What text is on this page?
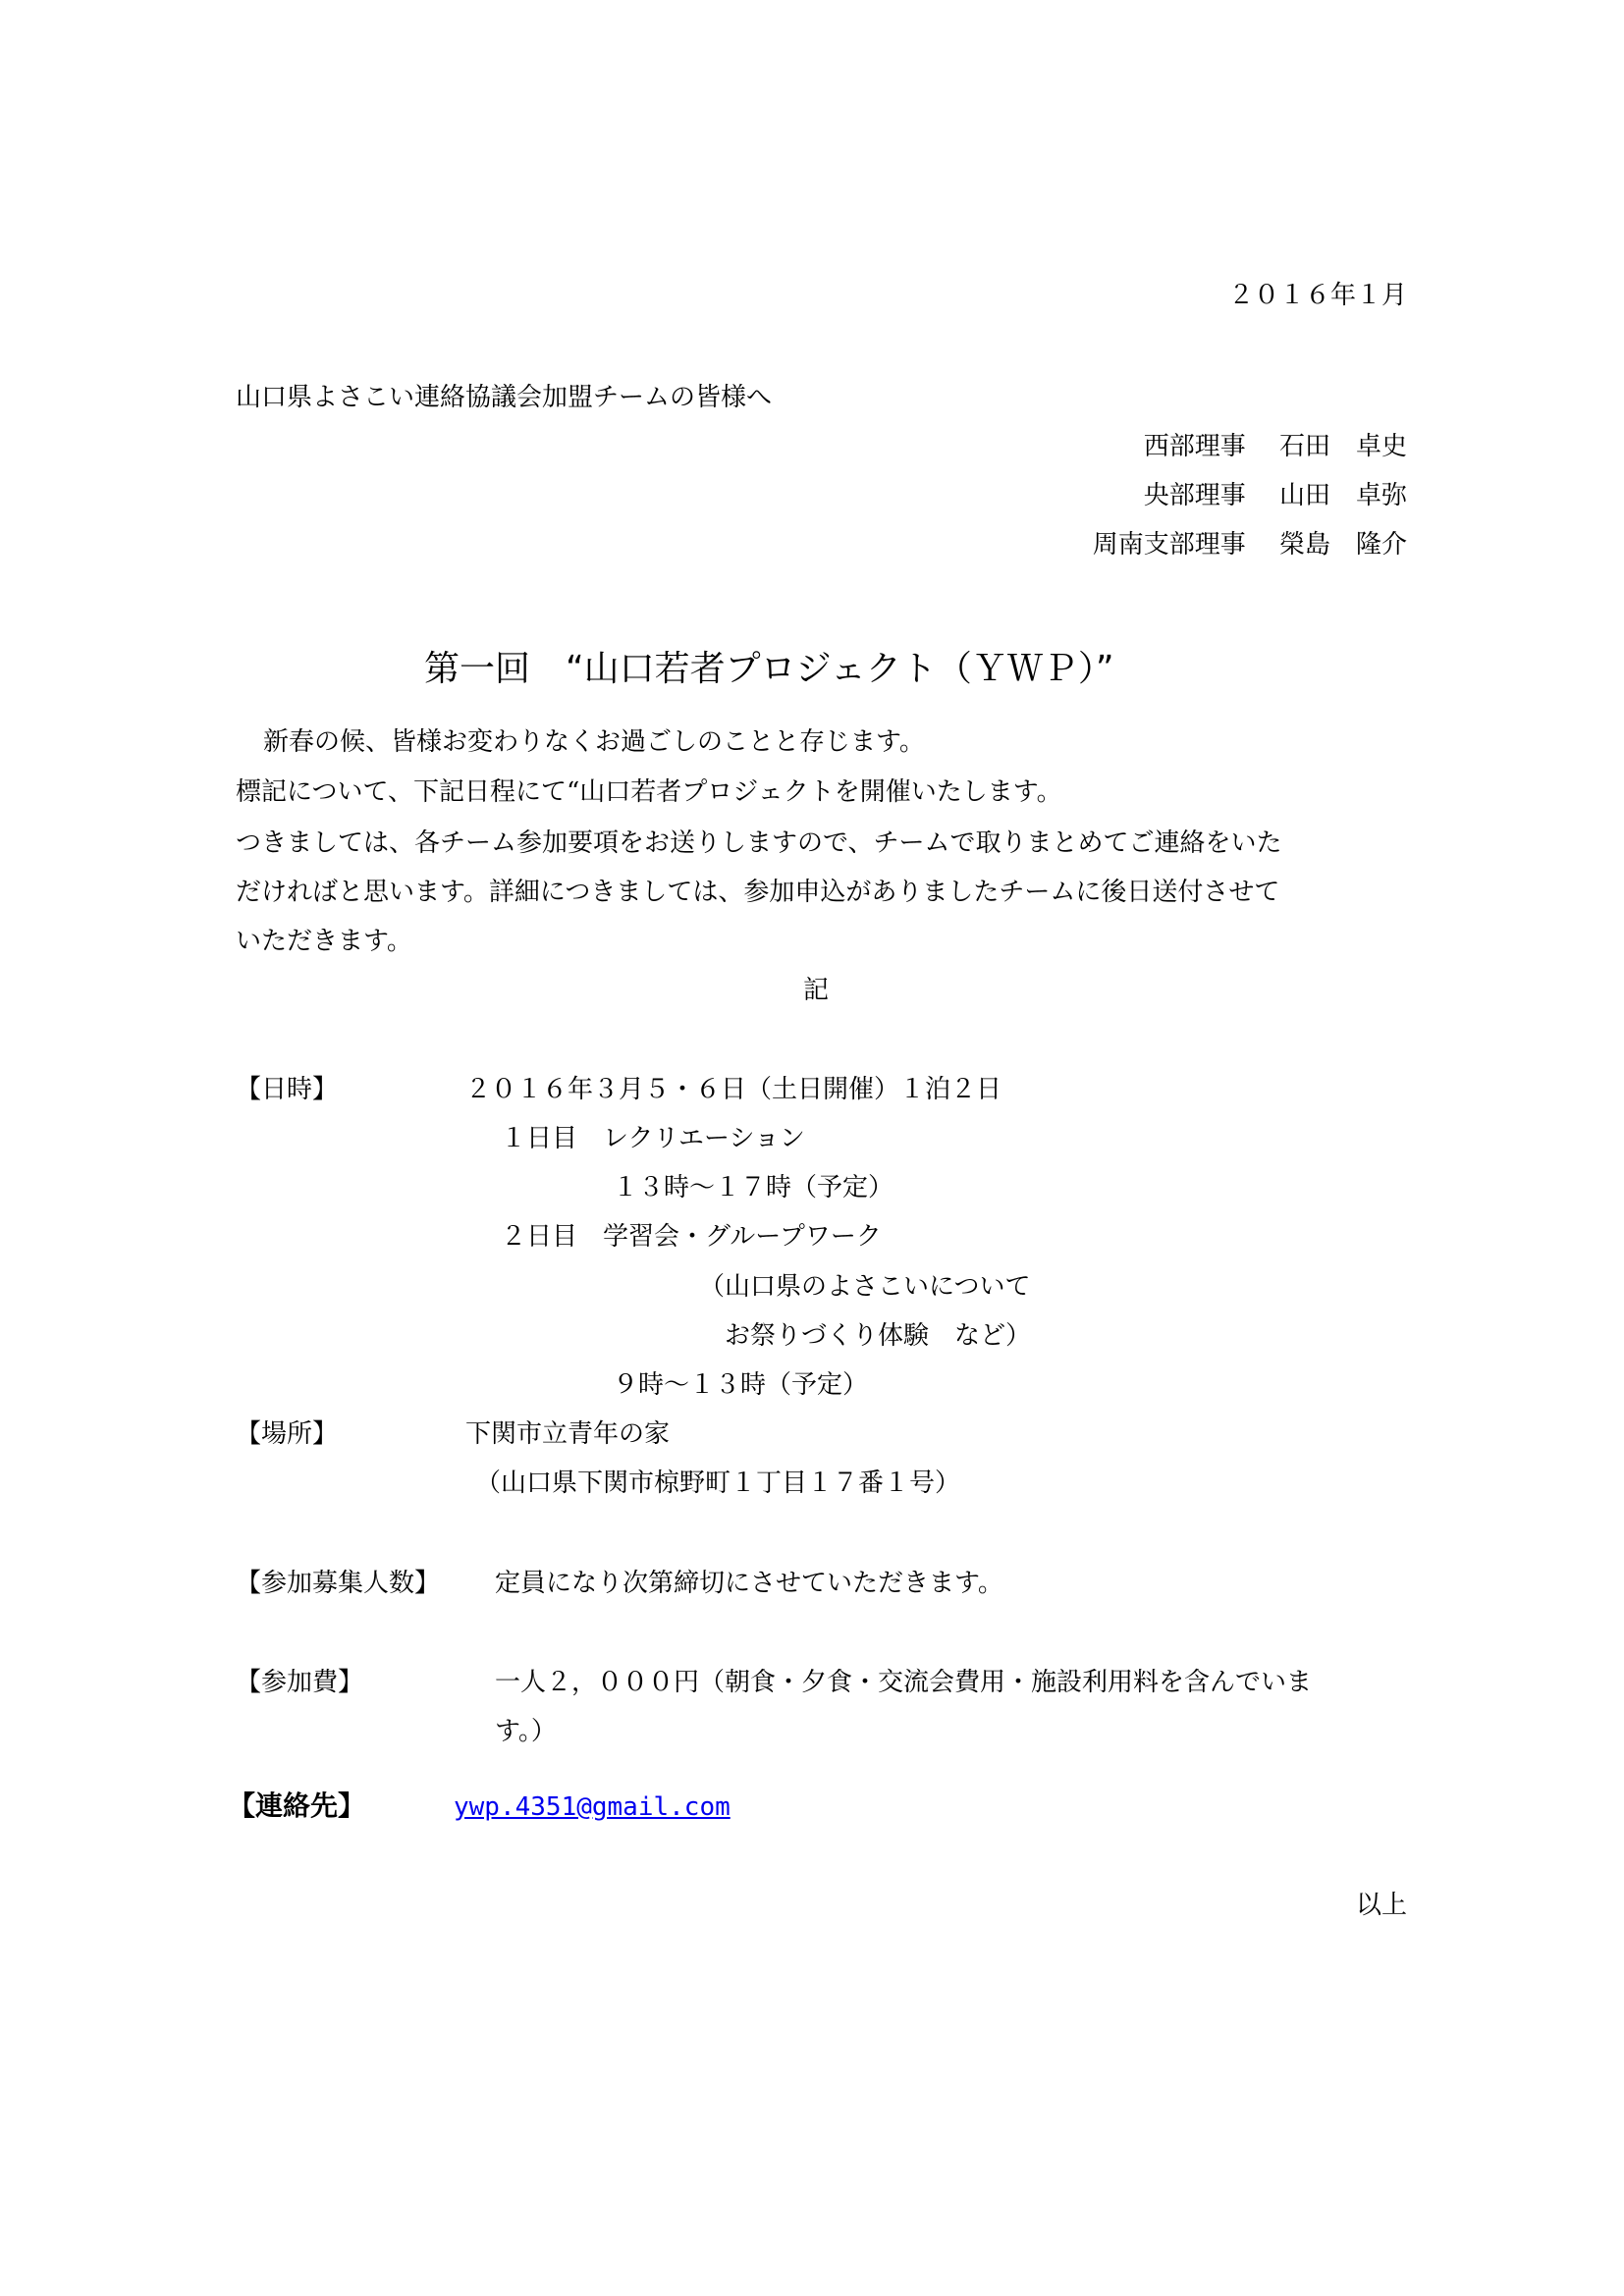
２０１６年１月
山口県よさこい連絡協議会加盟チームの皆様へ
西部理事　 石田　卓史
央部理事　 山田　卓弥
周南支部理事　 榮島　隆介
第一回　“山口若者プロジェクト（ＹＷＰ）”
新春の候、皆様お変わりなくお過ごしのことと存じます。
標記について、下記日程にて“山口若者プロジェクトを開催いたします。
つきましては、各チーム参加要項をお送りしますので、チームで取りまとめてご連絡をいた
だければと思います。詳細につきましては、参加申込がありましたチームに後日送付させて
いただきます。
記
【日時】	２０１６年３月５・６日（土日開催）１泊２日
１日目　レクリエーション
１３時～１７時（予定）
２日目　学習会・グループワーク
（山口県のよさこいについて
お祭りづくり体験　など）
９時～１３時（予定）
【場所】	下関市立青年の家
（山口県下関市椋野町１丁目１７番１号）
【参加募集人数】 定員になり次第締切にさせていただきます。
【参加費】	一人２，０００円（朝食・夕食・交流会費用・施設利用料を含んでいま
す。）
【連絡先】	ywp.4351@gmail.com
以上
